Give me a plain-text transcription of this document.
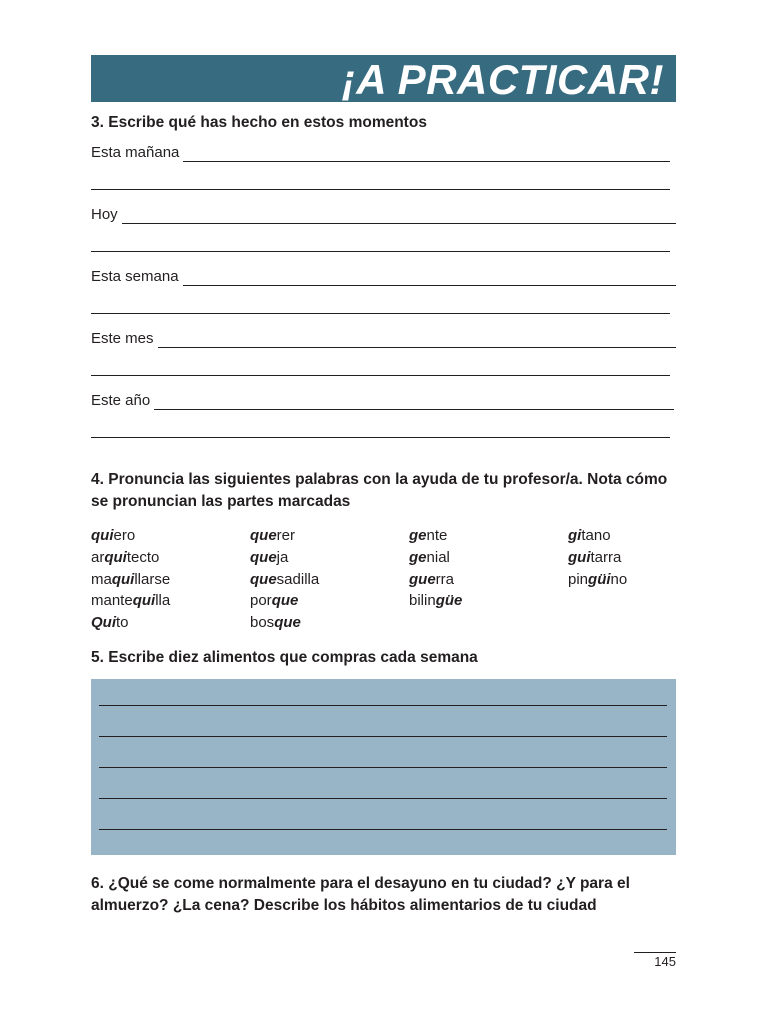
¡A PRACTICAR!
3. Escribe qué has hecho en estos momentos
Esta mañana
Hoy
Esta semana
Este mes
Este año
4. Pronuncia las siguientes palabras con la ayuda de tu profesor/a. Nota cómo se pronuncian las partes marcadas
quiero
arquitecto
maquillarse
mantequilla
Quito
querer
queja
quesadilla
porque
bosque
gente
genial
guerra
bilingüe
gitano
guitarra
pingüino
5. Escribe diez alimentos que compras cada semana
6. ¿Qué se come normalmente para el desayuno en tu ciudad? ¿Y para el almuerzo? ¿La cena? Describe los hábitos alimentarios de tu ciudad
145
